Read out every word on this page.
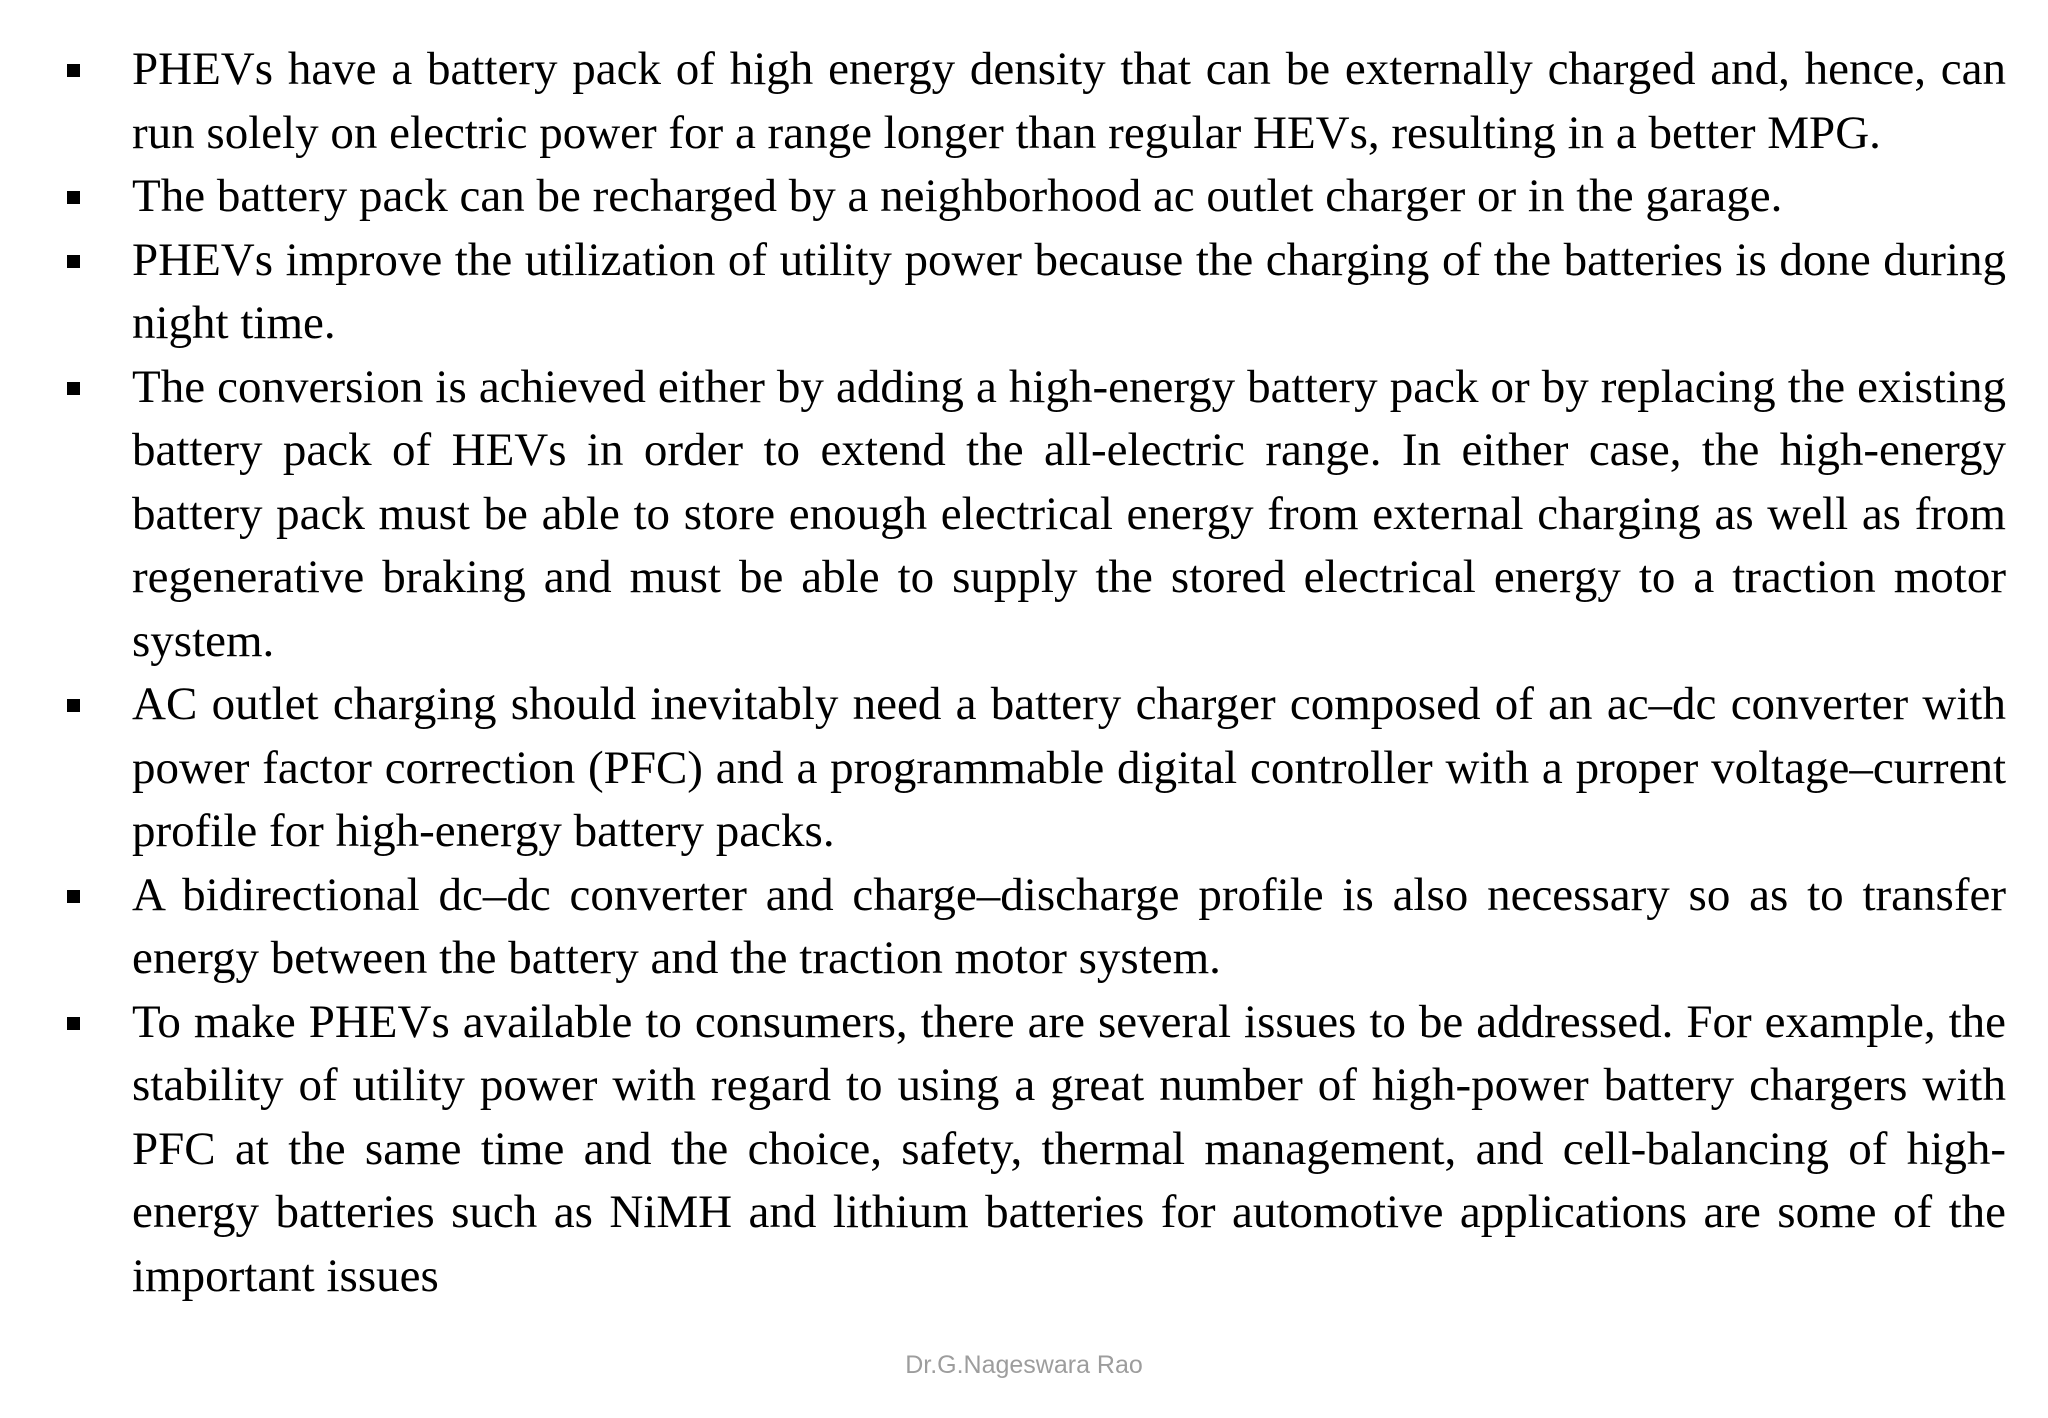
PHEVs have a battery pack of high energy density that can be externally charged and, hence, can run solely on electric power for a range longer than regular HEVs, resulting in a better MPG.
The battery pack can be recharged by a neighborhood ac outlet charger or in the garage.
PHEVs improve the utilization of utility power because the charging of the batteries is done during night time.
The conversion is achieved either by adding a high-energy battery pack or by replacing the existing battery pack of HEVs in order to extend the all-electric range. In either case, the high-energy battery pack must be able to store enough electrical energy from external charging as well as from regenerative braking and must be able to supply the stored electrical energy to a traction motor system.
AC outlet charging should inevitably need a battery charger composed of an ac–dc converter with power factor correction (PFC) and a programmable digital controller with a proper voltage–current profile for high-energy battery packs.
A bidirectional dc–dc converter and charge–discharge profile is also necessary so as to transfer energy between the battery and the traction motor system.
To make PHEVs available to consumers, there are several issues to be addressed. For example, the stability of utility power with regard to using a great number of high-power battery chargers with PFC at the same time and the choice, safety, thermal management, and cell-balancing of high-energy batteries such as NiMH and lithium batteries for automotive applications are some of the important issues
Dr.G.Nageswara Rao
